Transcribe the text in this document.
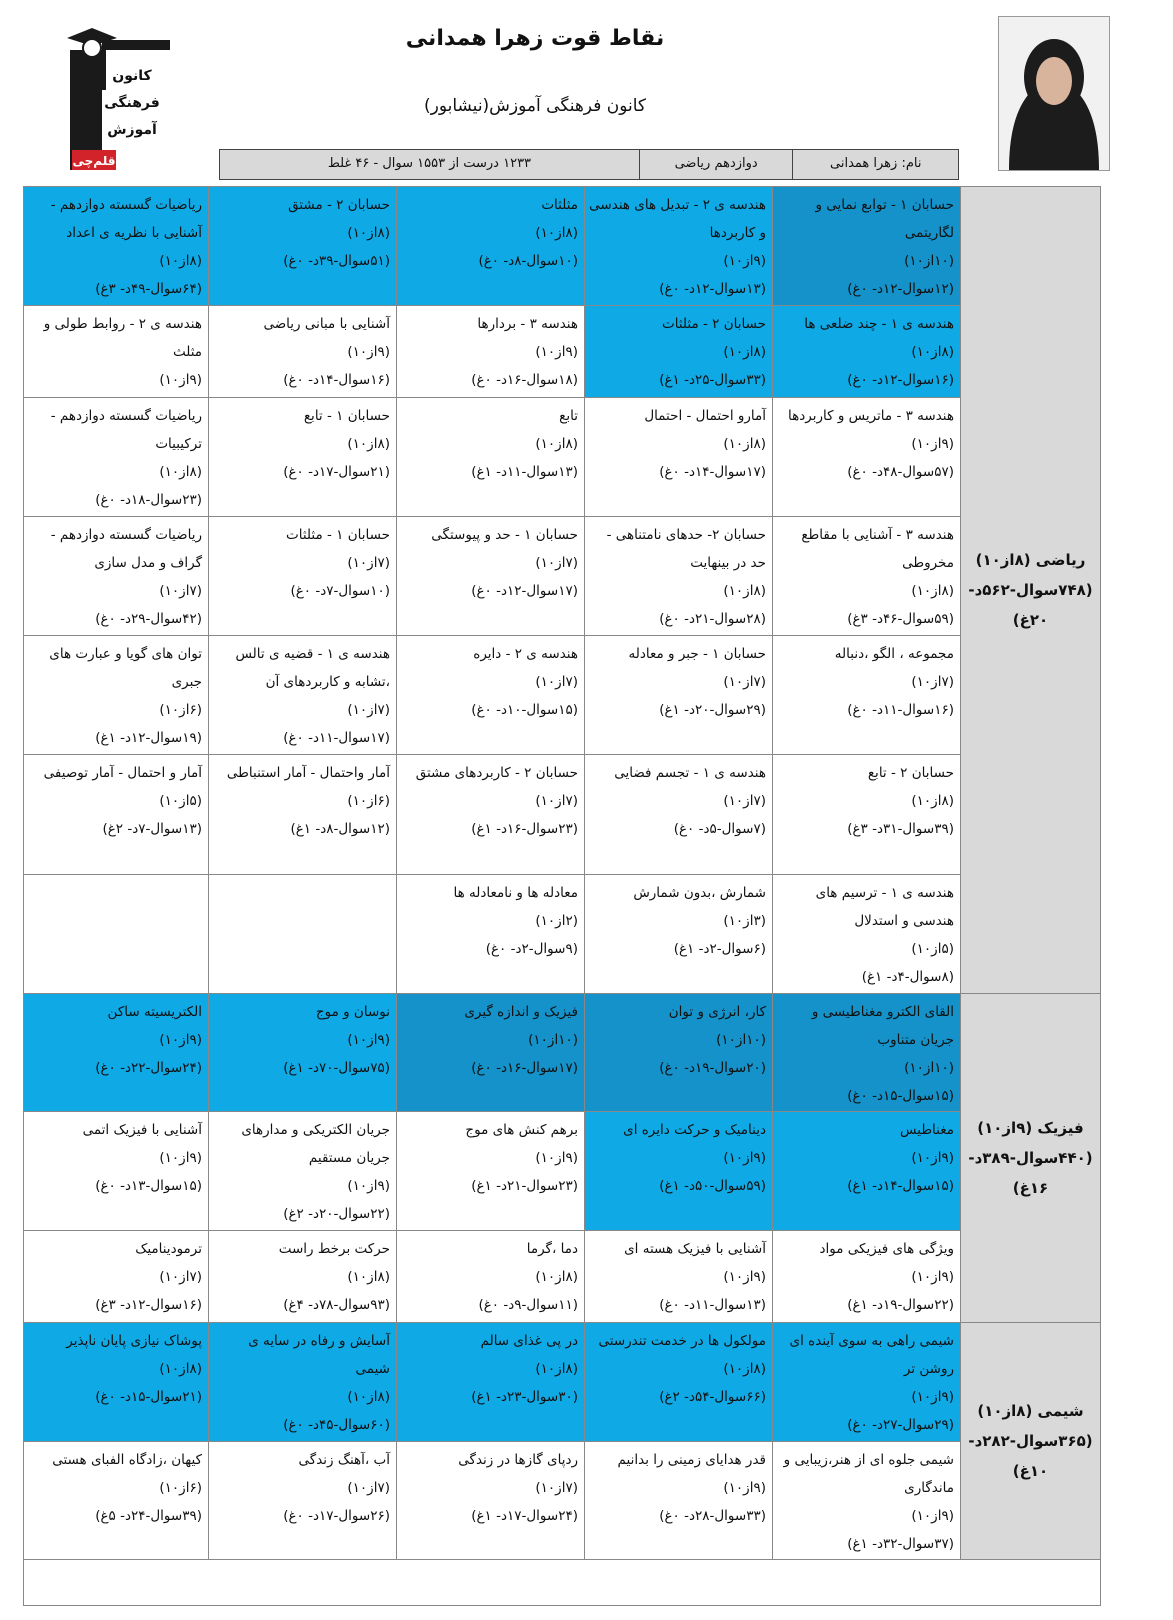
کانون
فرهنگی
آموزش
قلم‌چی
نقاط قوت زهرا همدانی
کانون فرهنگی آموزش(نیشابور)
نام: زهرا همدانی
دوازدهم ریاضی
۱۲۳۳ درست از ۱۵۵۳ سوال - ۴۶ غلط
حسابان ۱ - توابع نمایی و لگاریتمی
(۱۰از۱۰)
(۱۲سوال-۱۲د- ۰غ)
هندسه ی ۲ - تبدیل های هندسی و کاربردها
(۹از۱۰)
(۱۳سوال-۱۲د- ۰غ)
مثلثات
(۸از۱۰)
(۱۰سوال-۸د- ۰غ)
حسابان ۲ - مشتق
(۸از۱۰)
(۵۱سوال-۳۹د- ۰غ)
ریاضیات گسسته دوازدهم - آشنایی با نظریه ی اعداد
(۸از۱۰)
(۶۴سوال-۴۹د- ۳غ)
هندسه ی ۱ - چند ضلعی ها
(۸از۱۰)
(۱۶سوال-۱۲د- ۰غ)
حسابان ۲ - مثلثات
(۸از۱۰)
(۳۳سوال-۲۵د- ۱غ)
هندسه ۳ - بردارها
(۹از۱۰)
(۱۸سوال-۱۶د- ۰غ)
آشنایی با مبانی ریاضی
(۹از۱۰)
(۱۶سوال-۱۴د- ۰غ)
هندسه ی ۲ - روابط طولی و مثلث
(۹از۱۰)
هندسه ۳ - ماتریس و کاربردها
(۹از۱۰)
(۵۷سوال-۴۸د- ۰غ)
آمارو احتمال - احتمال
(۸از۱۰)
(۱۷سوال-۱۴د- ۰غ)
تابع
(۸از۱۰)
(۱۳سوال-۱۱د- ۱غ)
حسابان ۱ - تابع
(۸از۱۰)
(۲۱سوال-۱۷د- ۰غ)
ریاضیات گسسته دوازدهم - ترکیبیات
(۸از۱۰)
(۲۳سوال-۱۸د- ۰غ)
هندسه ۳ - آشنایی با مقاطع مخروطی
(۸از۱۰)
(۵۹سوال-۴۶د- ۳غ)
حسابان ۲- حدهای نامتناهی - حد در بینهایت
(۸از۱۰)
(۲۸سوال-۲۱د- ۰غ)
حسابان ۱ - حد و پیوستگی
(۷از۱۰)
(۱۷سوال-۱۲د- ۰غ)
حسابان ۱ - مثلثات
(۷از۱۰)
(۱۰سوال-۷د- ۰غ)
ریاضیات گسسته دوازدهم - گراف و مدل سازی
(۷از۱۰)
(۴۲سوال-۲۹د- ۰غ)
مجموعه ، الگو ،دنباله
(۷از۱۰)
(۱۶سوال-۱۱د- ۰غ)
حسابان ۱ - جبر و معادله
(۷از۱۰)
(۲۹سوال-۲۰د- ۱غ)
هندسه ی ۲ - دایره
(۷از۱۰)
(۱۵سوال-۱۰د- ۰غ)
هندسه ی ۱ - قضیه ی تالس ،تشابه و کاربردهای آن
(۷از۱۰)
(۱۷سوال-۱۱د- ۰غ)
توان های گویا و عبارت های جبری
(۶از۱۰)
(۱۹سوال-۱۲د- ۱غ)
حسابان ۲ - تابع
(۸از۱۰)
(۳۹سوال-۳۱د- ۳غ)
هندسه ی ۱ - تجسم فضایی
(۷از۱۰)
(۷سوال-۵د- ۰غ)
حسابان ۲ - کاربردهای مشتق
(۷از۱۰)
(۲۳سوال-۱۶د- ۱غ)
آمار واحتمال - آمار استنباطی
(۶از۱۰)
(۱۲سوال-۸د- ۱غ)
آمار و احتمال - آمار توصیفی
(۵از۱۰)
(۱۳سوال-۷د- ۲غ)
هندسه ی ۱ - ترسیم های هندسی و استدلال
(۵از۱۰)
(۸سوال-۴د- ۱غ)
شمارش ،بدون شمارش
(۳از۱۰)
(۶سوال-۲د- ۱غ)
معادله ها و نامعادله ها
(۲از۱۰)
(۹سوال-۲د- ۰غ)
ریاضی (۸از۱۰) (۷۴۸سوال-۵۶۲د- ۲۰غ)
القای الکترو مغناطیسی و جریان متناوب
(۱۰از۱۰)
(۱۵سوال-۱۵د- ۰غ)
کار، انرژی و توان
(۱۰از۱۰)
(۲۰سوال-۱۹د- ۰غ)
فیزیک و اندازه گیری
(۱۰از۱۰)
(۱۷سوال-۱۶د- ۰غ)
نوسان و موج
(۹از۱۰)
(۷۵سوال-۷۰د- ۱غ)
الکتریسیته ساکن
(۹از۱۰)
(۲۴سوال-۲۲د- ۰غ)
مغناطیس
(۹از۱۰)
(۱۵سوال-۱۴د- ۱غ)
دینامیک و حرکت دایره ای
(۹از۱۰)
(۵۹سوال-۵۰د- ۱غ)
برهم کنش های موج
(۹از۱۰)
(۲۳سوال-۲۱د- ۱غ)
جریان الکتریکی و مدارهای جریان مستقیم
(۹از۱۰)
(۲۲سوال-۲۰د- ۲غ)
آشنایی با فیزیک اتمی
(۹از۱۰)
(۱۵سوال-۱۳د- ۰غ)
ویژگی های فیزیکی مواد
(۹از۱۰)
(۲۲سوال-۱۹د- ۱غ)
آشنایی با فیزیک هسته ای
(۹از۱۰)
(۱۳سوال-۱۱د- ۰غ)
دما ،گرما
(۸از۱۰)
(۱۱سوال-۹د- ۰غ)
حرکت برخط راست
(۸از۱۰)
(۹۳سوال-۷۸د- ۴غ)
ترمودینامیک
(۷از۱۰)
(۱۶سوال-۱۲د- ۳غ)
فیزیک (۹از۱۰) (۴۴۰سوال-۳۸۹د- ۱۶غ)
شیمی راهی به سوی آینده ای روشن تر
(۹از۱۰)
(۲۹سوال-۲۷د- ۰غ)
مولکول ها در خدمت تندرستی
(۸از۱۰)
(۶۶سوال-۵۴د- ۲غ)
در پی غذای سالم
(۸از۱۰)
(۳۰سوال-۲۳د- ۱غ)
آسایش و رفاه در سایه ی شیمی
(۸از۱۰)
(۶۰سوال-۴۵د- ۰غ)
پوشاک نیازی پایان ناپذیر
(۸از۱۰)
(۲۱سوال-۱۵د- ۰غ)
شیمی جلوه ای از هنر،زیبایی و ماندگاری
(۹از۱۰)
(۳۷سوال-۳۲د- ۱غ)
قدر هدایای زمینی را بدانیم
(۹از۱۰)
(۳۳سوال-۲۸د- ۰غ)
ردپای گازها در زندگی
(۷از۱۰)
(۲۴سوال-۱۷د- ۱غ)
آب ،آهنگ زندگی
(۷از۱۰)
(۲۶سوال-۱۷د- ۰غ)
کیهان ،زادگاه الفبای هستی
(۶از۱۰)
(۳۹سوال-۲۴د- ۵غ)
شیمی (۸از۱۰) (۳۶۵سوال-۲۸۲د- ۱۰غ)
